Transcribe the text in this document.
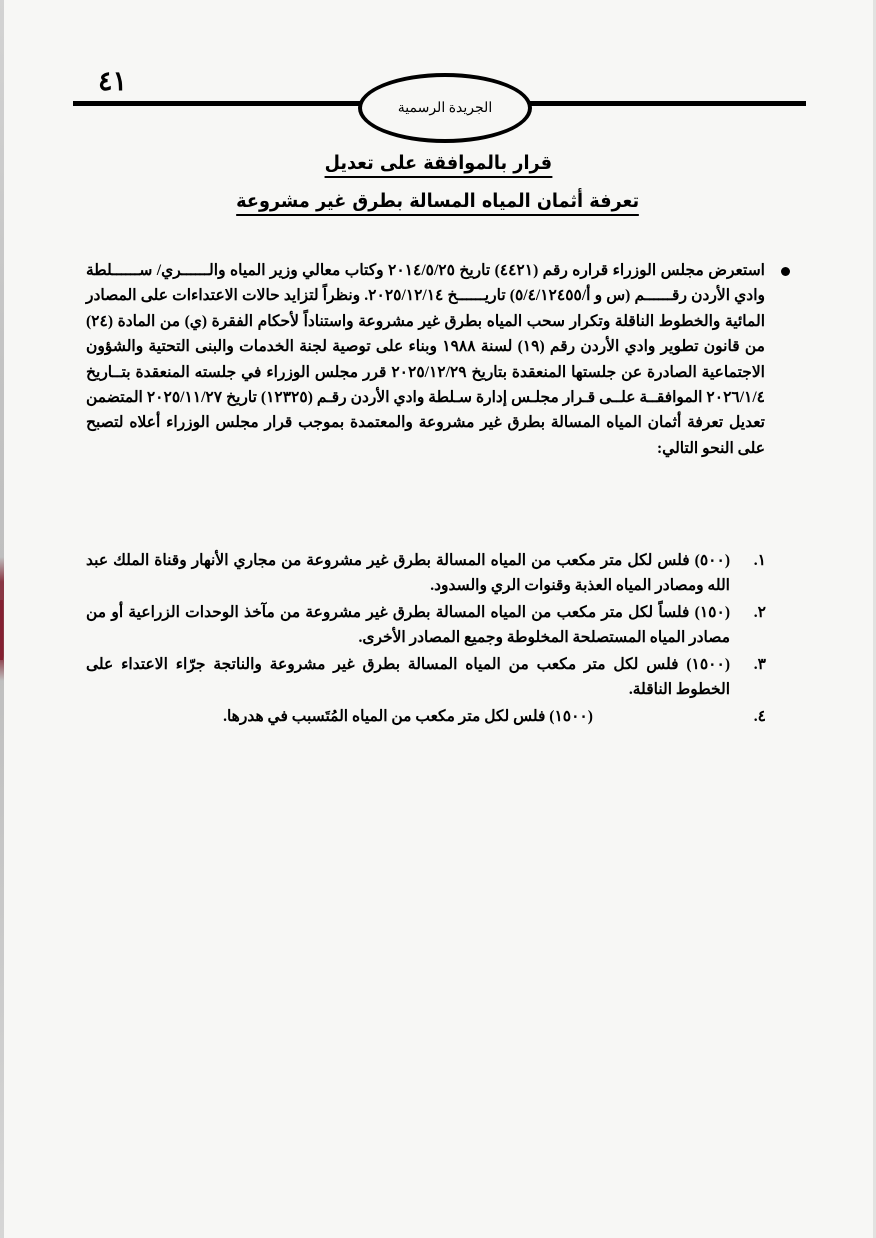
٤١
الجريدة الرسمية
قرار بالموافقة على تعديل
تعرفة أثمان المياه المسالة بطرق غير مشروعة

استعرض مجلس الوزراء قراره رقم (٤٤٢١) تاريخ ٢٠١٤/٥/٢٥ وكتاب معالي وزير المياه والــــــري/ ســــــلطة وادي الأردن رقــــــم (س و أ/٥/٤/١٢٤٥٥) تاريــــــخ ٢٠٢٥/١٢/١٤. ونظراً لتزايد حالات الاعتداءات على المصادر المائية والخطوط الناقلة وتكرار سحب المياه بطرق غير مشروعة واستناداً لأحكام الفقرة (ي) من المادة (٢٤) من قانون تطوير وادي الأردن رقم (١٩) لسنة ١٩٨٨ وبناء على توصية لجنة الخدمات والبنى التحتية والشؤون الاجتماعية الصادرة عن جلستها المنعقدة بتاريخ ٢٠٢٥/١٢/٢٩ قرر مجلس الوزراء في جلسته المنعقدة بتــاريخ ٢٠٢٦/١/٤ الموافقــة علــى قـرار مجلـس إدارة سـلطة وادي الأردن رقـم (١٢٣٢٥) تاريخ ٢٠٢٥/١١/٢٧ المتضمن تعديل تعرفة أثمان المياه المسالة بطرق غير مشروعة والمعتمدة بموجب قرار مجلس الوزراء أعلاه لتصبح على النحو التالي:

١.
(٥٠٠) فلس لكل متر مكعب من المياه المسالة بطرق غير مشروعة من مجاري الأنهار وقناة الملك عبد الله ومصادر المياه العذبة وقنوات الري والسدود.
٢.
(١٥٠) فلساً لكل متر مكعب من المياه المسالة بطرق غير مشروعة من مآخذ الوحدات الزراعية أو من مصادر المياه المستصلحة المخلوطة وجميع المصادر الأخرى.
٣.
(١٥٠٠) فلس لكل متر مكعب من المياه المسالة بطرق غير مشروعة والناتجة جرّاء الاعتداء على الخطوط الناقلة.
٤.
(١٥٠٠) فلس لكل متر مكعب من المياه المُتَسبب في هدرها.
